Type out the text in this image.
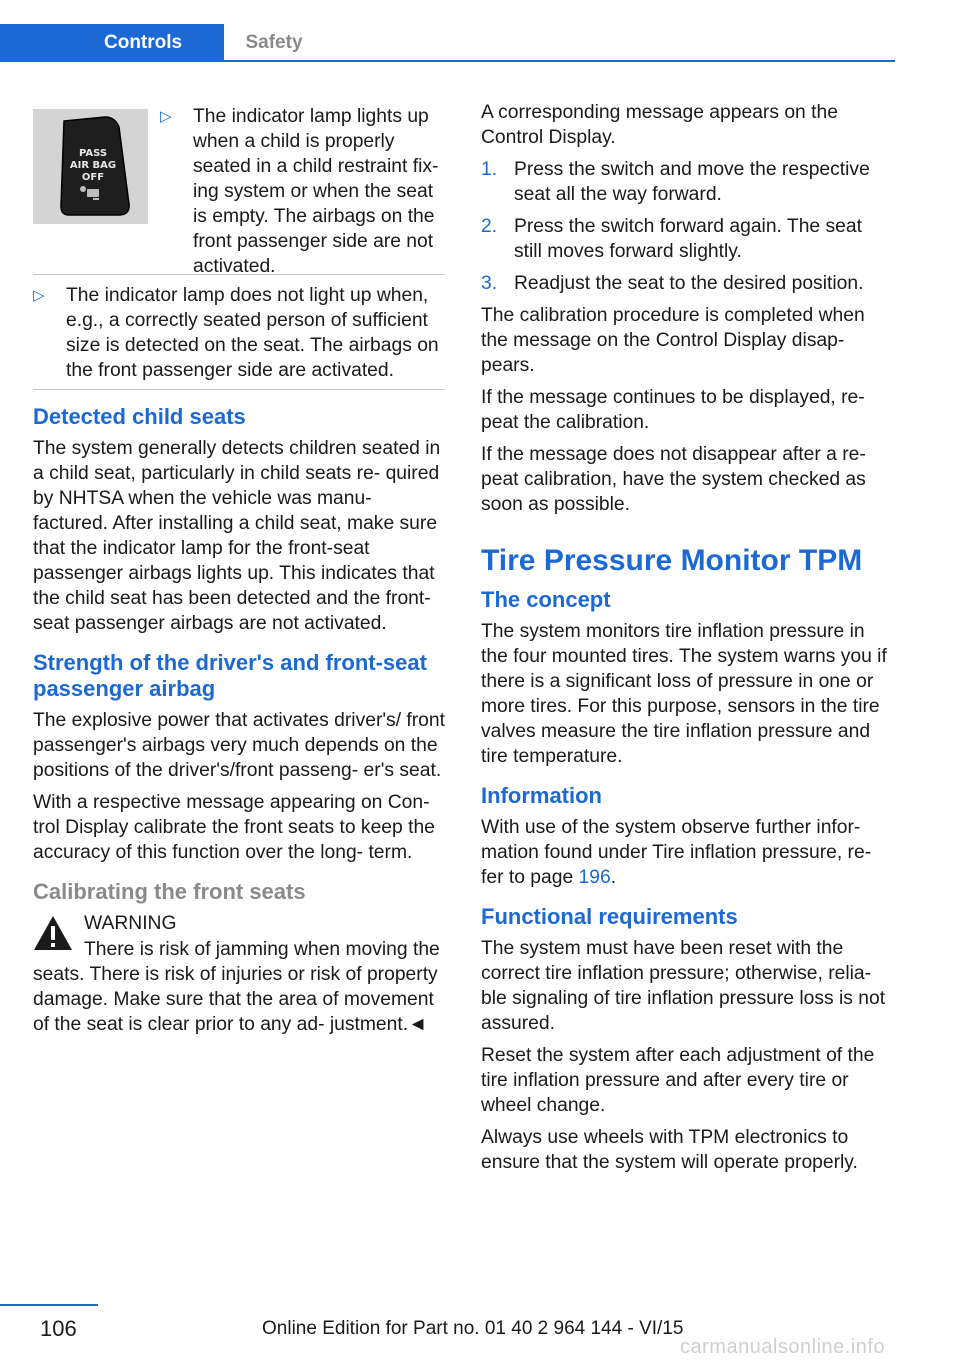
Controls	Safety
PASS
AIR BAG
OFF
▷ The indicator lamp lights up when a child is properly seated in a child restraint fix- ing system or when the seat is empty. The airbags on the front passenger side are not activated.
▷ The indicator lamp does not light up when, e.g., a correctly seated person of sufficient size is detected on the seat. The airbags on the front passenger side are activated.
Detected child seats

The system generally detects children seated in a child seat, particularly in child seats re- quired by NHTSA when the vehicle was manu- factured. After installing a child seat, make sure that the indicator lamp for the front-seat passenger airbags lights up. This indicates that the child seat has been detected and the front-seat passenger airbags are not activated.

Strength of the driver's and front-seat passenger airbag

The explosive power that activates driver's/ front passenger's airbags very much depends on the positions of the driver's/front passeng- er's seat.

With a respective message appearing on Con- trol Display calibrate the front seats to keep the accuracy of this function over the long- term.

Calibrating the front seats
WARNING

There is risk of jamming when moving the seats. There is risk of injuries or risk of property damage. Make sure that the area of movement of the seat is clear prior to any ad- justment.◄

A corresponding message appears on the Control Display.

1. Press the switch and move the respective seat all the way forward.
2. Press the switch forward again. The seat still moves forward slightly.
3. Readjust the seat to the desired position.

The calibration procedure is completed when the message on the Control Display disap- pears.

If the message continues to be displayed, re- peat the calibration.

If the message does not disappear after a re- peat calibration, have the system checked as soon as possible.

Tire Pressure Monitor TPM
The concept

The system monitors tire inflation pressure in the four mounted tires. The system warns you if there is a significant loss of pressure in one or more tires. For this purpose, sensors in the tire valves measure the tire inflation pressure and tire temperature.

Information

With use of the system observe further infor- mation found under Tire inflation pressure, re- fer to page 196.

Functional requirements

The system must have been reset with the correct tire inflation pressure; otherwise, relia- ble signaling of tire inflation pressure loss is not assured.

Reset the system after each adjustment of the tire inflation pressure and after every tire or wheel change.

Always use wheels with TPM electronics to ensure that the system will operate properly.

106	Online Edition for Part no. 01 40 2 964 144 - VI/15
carmanualsonline.info
